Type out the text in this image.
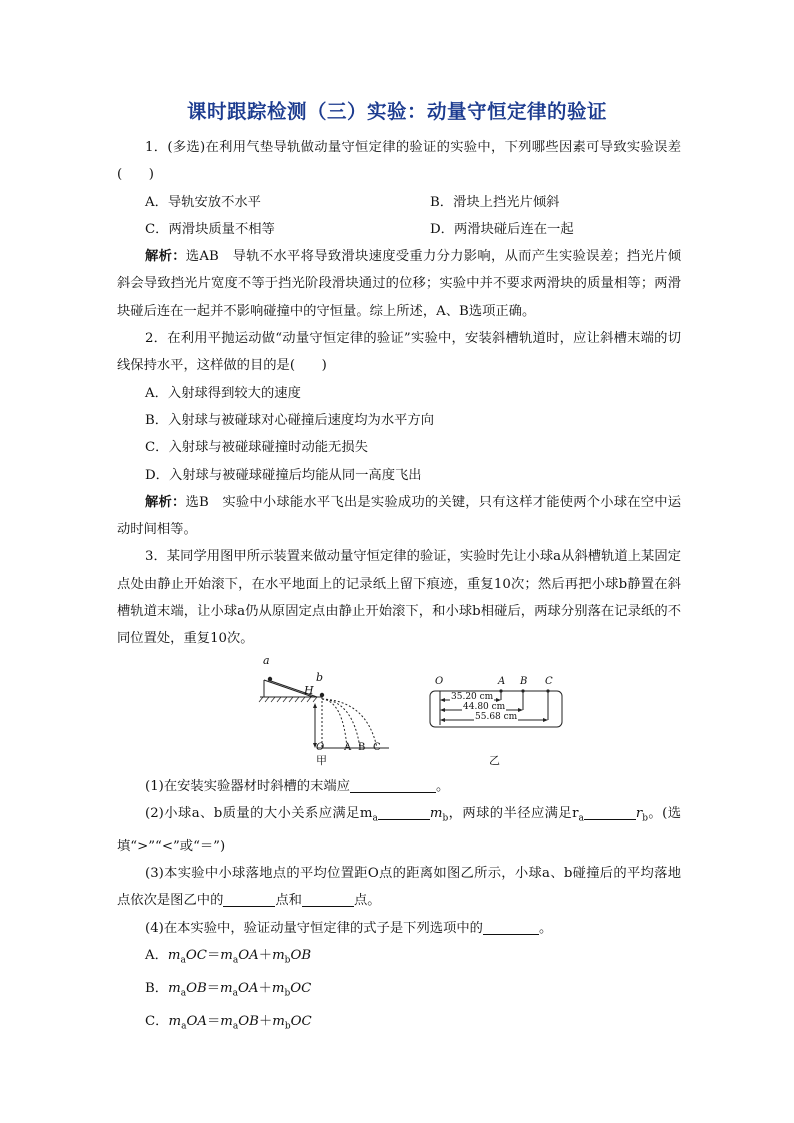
课时跟踪检测（三）实验：动量守恒定律的验证

1．(多选)在利用气垫导轨做动量守恒定律的验证的实验中，下列哪些因素可导致实验误差(　　)

A．导轨安放不水平	B．滑块上挡光片倾斜
C．两滑块质量不相等	D．两滑块碰后连在一起

解析：选AB　导轨不水平将导致滑块速度受重力分力影响，从而产生实验误差；挡光片倾斜会导致挡光片宽度不等于挡光阶段滑块通过的位移；实验中并不要求两滑块的质量相等；两滑块碰后连在一起并不影响碰撞中的守恒量。综上所述，A、B选项正确。

2．在利用平抛运动做“动量守恒定律的验证”实验中，安装斜槽轨道时，应让斜槽末端的切线保持水平，这样做的目的是(　　)

A．入射球得到较大的速度

B．入射球与被碰球对心碰撞后速度均为水平方向

C．入射球与被碰球碰撞时动能无损失

D．入射球与被碰球碰撞后均能从同一高度飞出

解析：选B　实验中小球能水平飞出是实验成功的关键，只有这样才能使两个小球在空中运动时间相等。

3．某同学用图甲所示装置来做动量守恒定律的验证，实验时先让小球a从斜槽轨道上某固定点处由静止开始滚下，在水平地面上的记录纸上留下痕迹，重复10次；然后再把小球b静置在斜槽轨道末端，让小球a仍从原固定点由静止开始滚下，和小球b相碰后，两球分别落在记录纸的不同位置处，重复10次。

a
b
H
O A B C
甲
O	A B C
35.20 cm
44.80 cm
55.68 cm
乙

(1)在安装实验器材时斜槽的末端应	。

(2)小球a、b质量的大小关系应满足$m_a$	$m_b$，两球的半径应满足$r_a$	$r_b$。(选填“>”“<”或“＝”)

(3)本实验中小球落地点的平均位置距O点的距离如图乙所示，小球a、b碰撞后的平均落地点依次是图乙中的	点和	点。

(4)在本实验中，验证动量守恒定律的式子是下列选项中的	。

A．$m_aOC=m_aOA+m_bOB$

B．$m_aOB=m_aOA+m_bOC$

C．$m_aOA=m_aOB+m_bOC$
